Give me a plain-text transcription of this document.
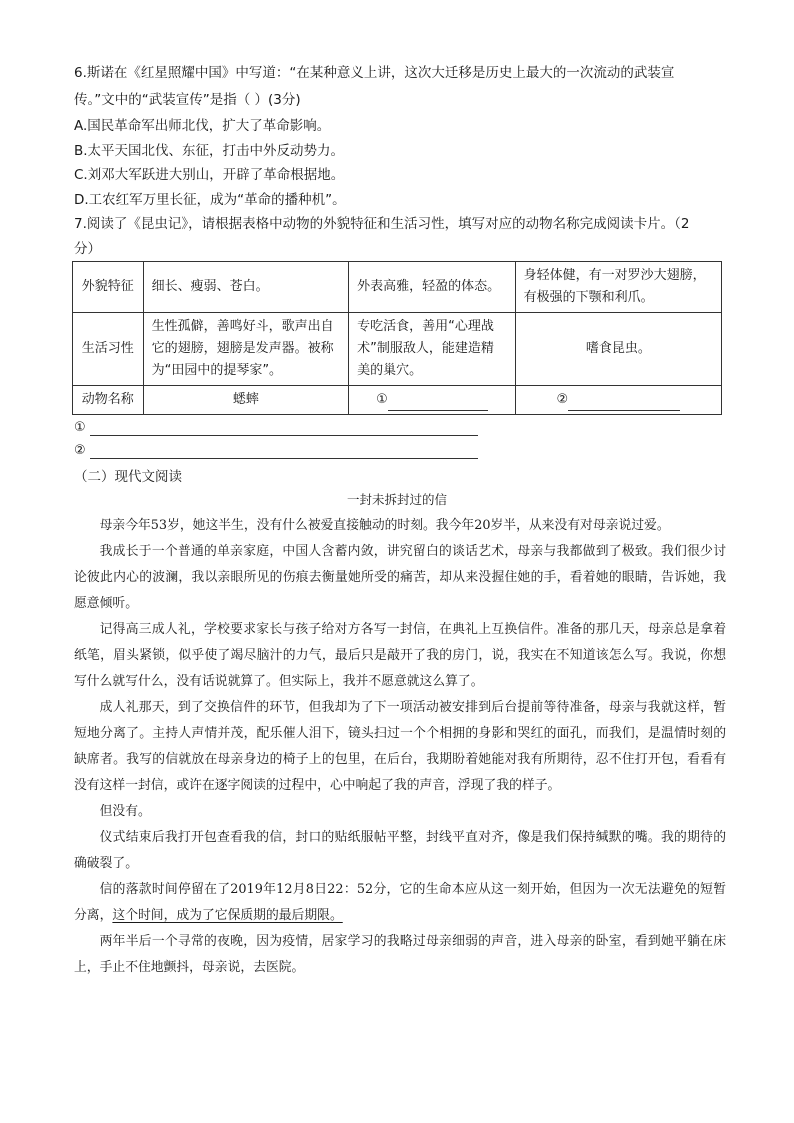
6.斯诺在《红星照耀中国》中写道：“在某种意义上讲，这次大迁移是历史上最大的一次流动的武装宣
传。”文中的“武装宣传”是指（ ）(3分)
A.国民革命军出师北伐，扩大了革命影响。
B.太平天国北伐、东征，打击中外反动势力。
C.刘邓大军跃进大别山，开辟了革命根据地。
D.工农红军万里长征，成为“革命的播种机”。
7.阅读了《昆虫记》，请根据表格中动物的外貌特征和生活习性，填写对应的动物名称完成阅读卡片。（2
分）
外貌特征	细长、瘦弱、苍白。	外表高雅，轻盈的体态。	身轻体健，有一对罗沙大翅膀，有极强的下颚和利爪。
生活习性	生性孤僻，善鸣好斗，歌声出自它的翅膀，翅膀是发声器。被称为“田园中的提琴家”。	专吃活食，善用“心理战术”制服敌人，能建造精美的巢穴。	嗜食昆虫。
动物名称	蟋蟀	①	②
①
②
（二）现代文阅读
一封未拆封过的信

母亲今年53岁，她这半生，没有什么被爱直接触动的时刻。我今年20岁半，从来没有对母亲说过爱。

我成长于一个普通的单亲家庭，中国人含蓄内敛，讲究留白的谈话艺术，母亲与我都做到了极致。我们很少讨论彼此内心的波澜，我以亲眼所见的伤痕去衡量她所受的痛苦，却从来没握住她的手，看着她的眼睛，告诉她，我愿意倾听。

记得高三成人礼，学校要求家长与孩子给对方各写一封信，在典礼上互换信件。准备的那几天，母亲总是拿着纸笔，眉头紧锁，似乎使了竭尽脑汁的力气，最后只是敲开了我的房门，说，我实在不知道该怎么写。我说，你想写什么就写什么，没有话说就算了。但实际上，我并不愿意就这么算了。

成人礼那天，到了交换信件的环节，但我却为了下一项活动被安排到后台提前等待准备，母亲与我就这样，暂短地分离了。主持人声情并茂，配乐催人泪下，镜头扫过一个个相拥的身影和哭红的面孔，而我们，是温情时刻的缺席者。我写的信就放在母亲身边的椅子上的包里，在后台，我期盼着她能对我有所期待，忍不住打开包，看看有没有这样一封信，或许在逐字阅读的过程中，心中响起了我的声音，浮现了我的样子。

但没有。

仪式结束后我打开包查看我的信，封口的贴纸服帖平整，封线平直对齐，像是我们保持缄默的嘴。我的期待的确破裂了。

信的落款时间停留在了2019年12月8日22：52分，它的生命本应从这一刻开始，但因为一次无法避免的短暂分离，这个时间，成为了它保质期的最后期限。

两年半后一个寻常的夜晚，因为疫情，居家学习的我略过母亲细弱的声音，进入母亲的卧室，看到她平躺在床上，手止不住地颤抖，母亲说，去医院。
